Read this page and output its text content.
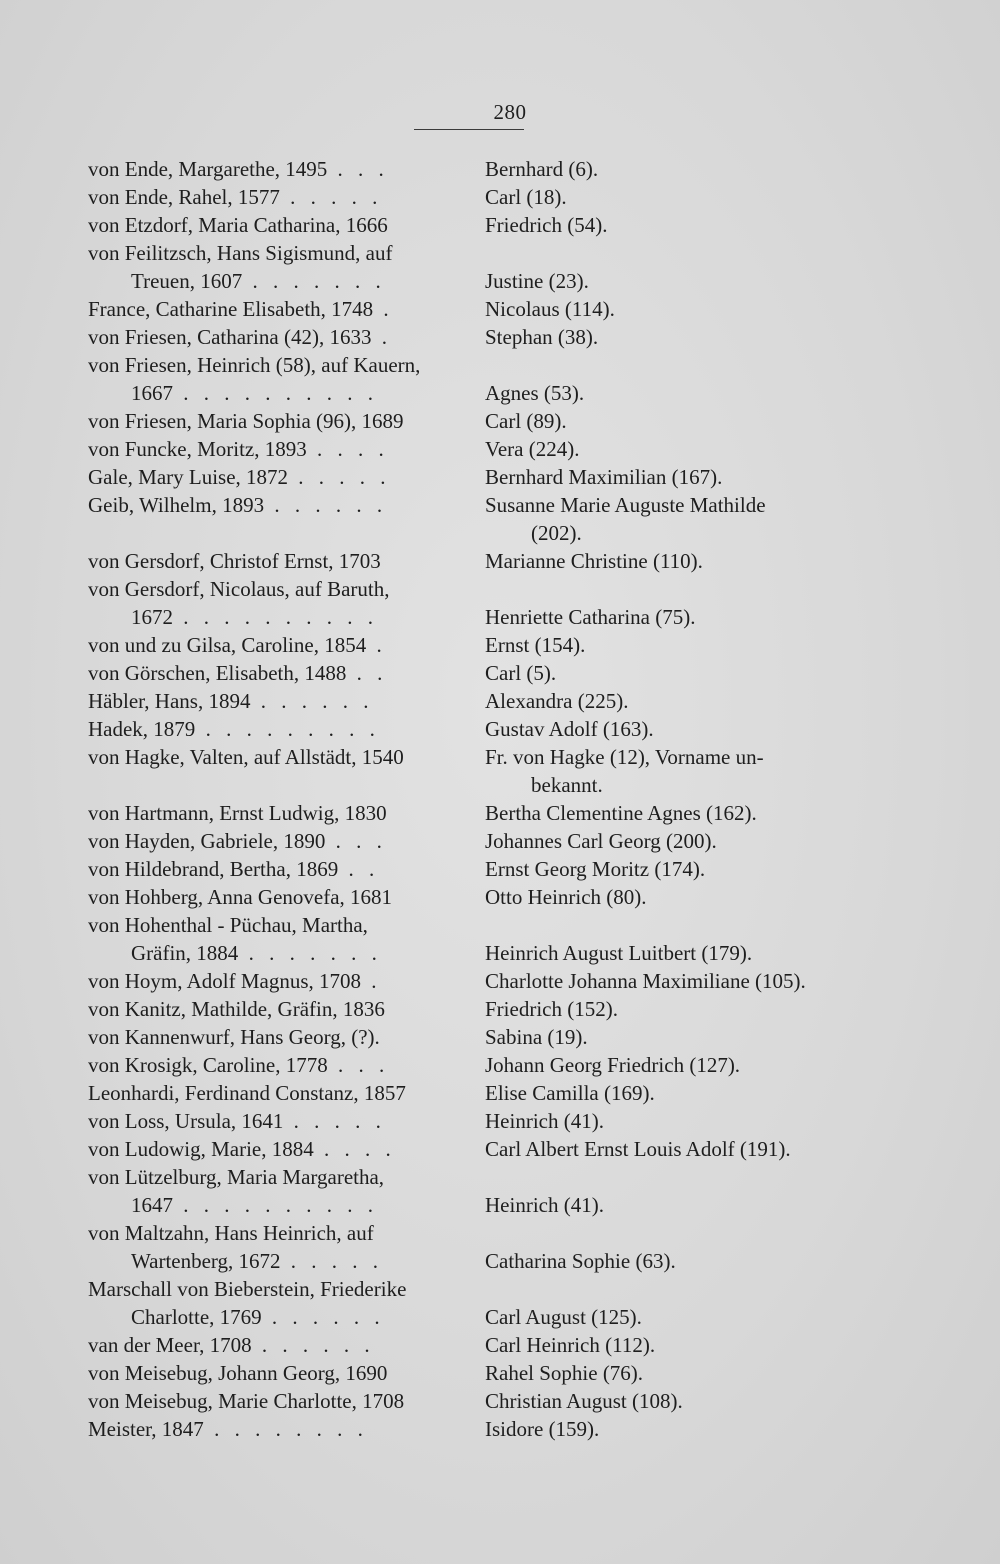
280
von Ende, Margarethe, 1495 . . .	Bernhard (6).
von Ende, Rahel, 1577 . . . . .	Carl (18).
von Etzdorf, Maria Catharina, 1666	Friedrich (54).
von Feilitzsch, Hans Sigismund, auf
Treuen, 1607 . . . . . . .	Justine (23).
France, Catharine Elisabeth, 1748 .	Nicolaus (114).
von Friesen, Catharina (42), 1633 .	Stephan (38).
von Friesen, Heinrich (58), auf Kauern,
1667 . . . . . . . . . .	Agnes (53).
von Friesen, Maria Sophia (96), 1689	Carl (89).
von Funcke, Moritz, 1893 . . . .	Vera (224).
Gale, Mary Luise, 1872 . . . . .	Bernhard Maximilian (167).
Geib, Wilhelm, 1893 . . . . . .	Susanne Marie Auguste Mathilde
(202).
von Gersdorf, Christof Ernst, 1703	Marianne Christine (110).
von Gersdorf, Nicolaus, auf Baruth,
1672 . . . . . . . . . .	Henriette Catharina (75).
von und zu Gilsa, Caroline, 1854 .	Ernst (154).
von Görschen, Elisabeth, 1488 . .	Carl (5).
Häbler, Hans, 1894 . . . . . .	Alexandra (225).
Hadek, 1879 . . . . . . . . .	Gustav Adolf (163).
von Hagke, Valten, auf Allstädt, 1540	Fr. von Hagke (12), Vorname un-
bekannt.
von Hartmann, Ernst Ludwig, 1830	Bertha Clementine Agnes (162).
von Hayden, Gabriele, 1890 . . .	Johannes Carl Georg (200).
von Hildebrand, Bertha, 1869 . .	Ernst Georg Moritz (174).
von Hohberg, Anna Genovefa, 1681	Otto Heinrich (80).
von Hohenthal - Püchau, Martha,
Gräfin, 1884 . . . . . . .	Heinrich August Luitbert (179).
von Hoym, Adolf Magnus, 1708 .	Charlotte Johanna Maximiliane (105).
von Kanitz, Mathilde, Gräfin, 1836	Friedrich (152).
von Kannenwurf, Hans Georg, (?).	Sabina (19).
von Krosigk, Caroline, 1778 . . .	Johann Georg Friedrich (127).
Leonhardi, Ferdinand Constanz, 1857	Elise Camilla (169).
von Loss, Ursula, 1641 . . . . .	Heinrich (41).
von Ludowig, Marie, 1884 . . . .	Carl Albert Ernst Louis Adolf (191).
von Lützelburg, Maria Margaretha,
1647 . . . . . . . . . .	Heinrich (41).
von Maltzahn, Hans Heinrich, auf
Wartenberg, 1672 . . . . .	Catharina Sophie (63).
Marschall von Bieberstein, Friederike
Charlotte, 1769 . . . . . .	Carl August (125).
van der Meer, 1708 . . . . . .	Carl Heinrich (112).
von Meisebug, Johann Georg, 1690	Rahel Sophie (76).
von Meisebug, Marie Charlotte, 1708	Christian August (108).
Meister, 1847 . . . . . . . .	Isidore (159).
